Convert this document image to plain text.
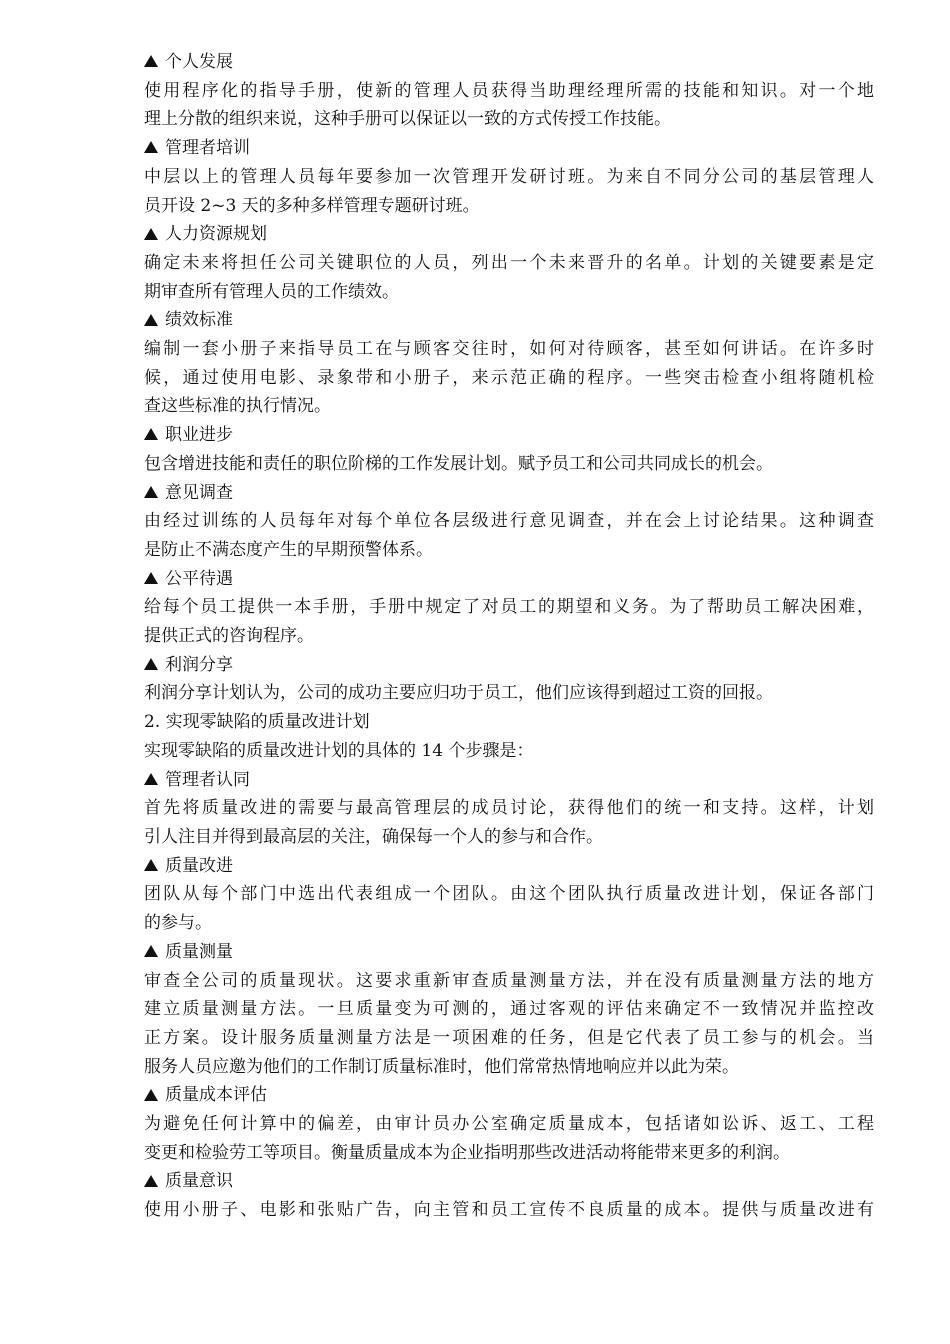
个人发展
使用程序化的指导手册，使新的管理人员获得当助理经理所需的技能和知识。对一个地
理上分散的组织来说，这种手册可以保证以一致的方式传授工作技能。
管理者培训
中层以上的管理人员每年要参加一次管理开发研讨班。为来自不同分公司的基层管理人
员开设 2~3 天的多种多样管理专题研讨班。
人力资源规划
确定未来将担任公司关键职位的人员，列出一个未来晋升的名单。计划的关键要素是定
期审查所有管理人员的工作绩效。
绩效标准
编制一套小册子来指导员工在与顾客交往时，如何对待顾客，甚至如何讲话。在许多时
候，通过使用电影、录象带和小册子，来示范正确的程序。一些突击检查小组将随机检
查这些标准的执行情况。
职业进步
包含增进技能和责任的职位阶梯的工作发展计划。赋予员工和公司共同成长的机会。
意见调查
由经过训练的人员每年对每个单位各层级进行意见调查，并在会上讨论结果。这种调查
是防止不满态度产生的早期预警体系。
公平待遇
给每个员工提供一本手册，手册中规定了对员工的期望和义务。为了帮助员工解决困难，
提供正式的咨询程序。
利润分享
利润分享计划认为，公司的成功主要应归功于员工，他们应该得到超过工资的回报。
2. 实现零缺陷的质量改进计划
实现零缺陷的质量改进计划的具体的 14 个步骤是：
管理者认同
首先将质量改进的需要与最高管理层的成员讨论，获得他们的统一和支持。这样，计划
引人注目并得到最高层的关注，确保每一个人的参与和合作。
质量改进
团队从每个部门中选出代表组成一个团队。由这个团队执行质量改进计划，保证各部门
的参与。
质量测量
审查全公司的质量现状。这要求重新审查质量测量方法，并在没有质量测量方法的地方
建立质量测量方法。一旦质量变为可测的，通过客观的评估来确定不一致情况并监控改
正方案。设计服务质量测量方法是一项困难的任务，但是它代表了员工参与的机会。当
服务人员应邀为他们的工作制订质量标准时，他们常常热情地响应并以此为荣。
质量成本评估
为避免任何计算中的偏差，由审计员办公室确定质量成本，包括诸如讼诉、返工、工程
变更和检验劳工等项目。衡量质量成本为企业指明那些改进活动将能带来更多的利润。
质量意识
使用小册子、电影和张贴广告，向主管和员工宣传不良质量的成本。提供与质量改进有
